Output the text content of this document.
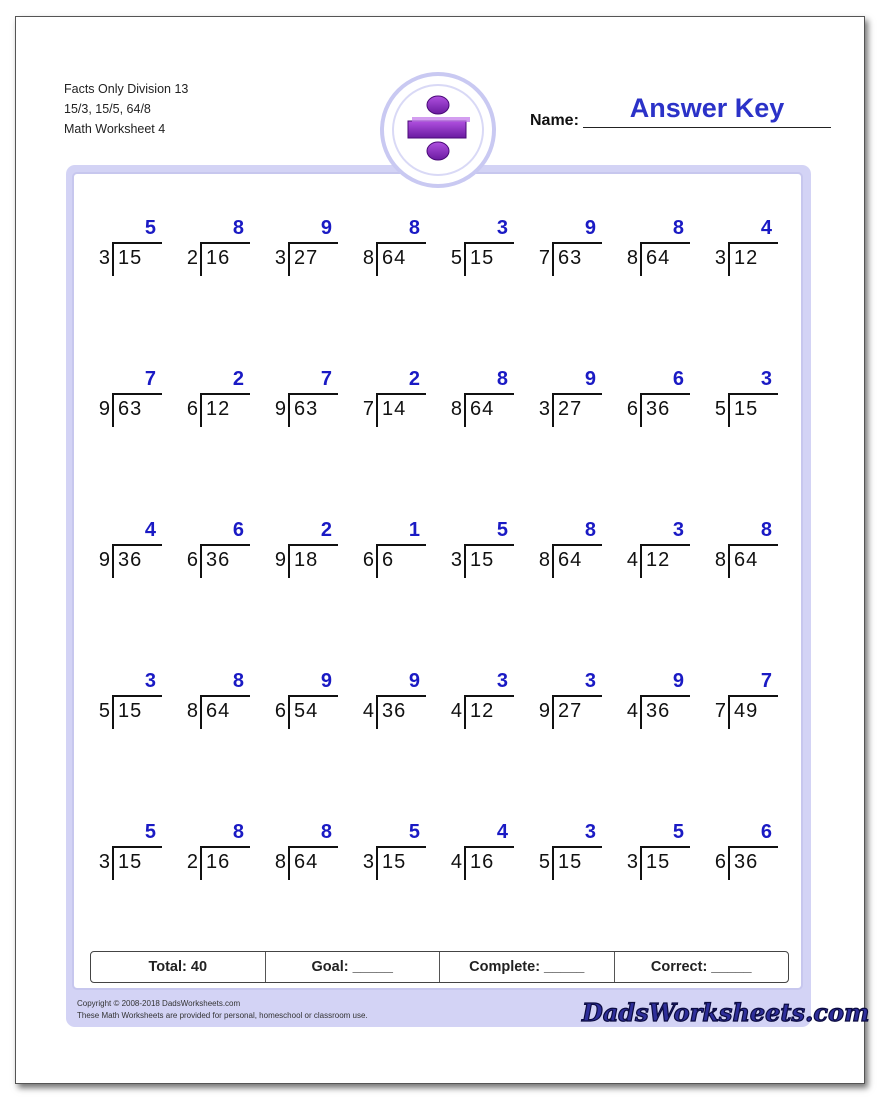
Facts Only Division 13
15/3, 15/5, 64/8
Math Worksheet 4	Name:	Answer Key
5
3 15
8
2 16
9
3 27
8
8 64
3
5 15
9
7 63
8
8 64
4
3 12
7
9 63
2
6 12
7
9 63
2
7 14
8
8 64
9
3 27
6
6 36
3
5 15
4
9 36
6
6 36
2
9 18
1
6 6
5
3 15
8
8 64
3
4 12
8
8 64
3
5 15
8
8 64
9
6 54
9
4 36
3
4 12
3
9 27
9
4 36
7
7 49
5
3 15
8
2 16
8
8 64
5
3 15
4
4 16
3
5 15
5
3 15
6
6 36
Total: 40	Goal: _____	Complete: _____	Correct: _____
Copyright © 2008-2018 DadsWorksheets.com
These Math Worksheets are provided for personal, homeschool or classroom use.	DadsWorksheets.com
